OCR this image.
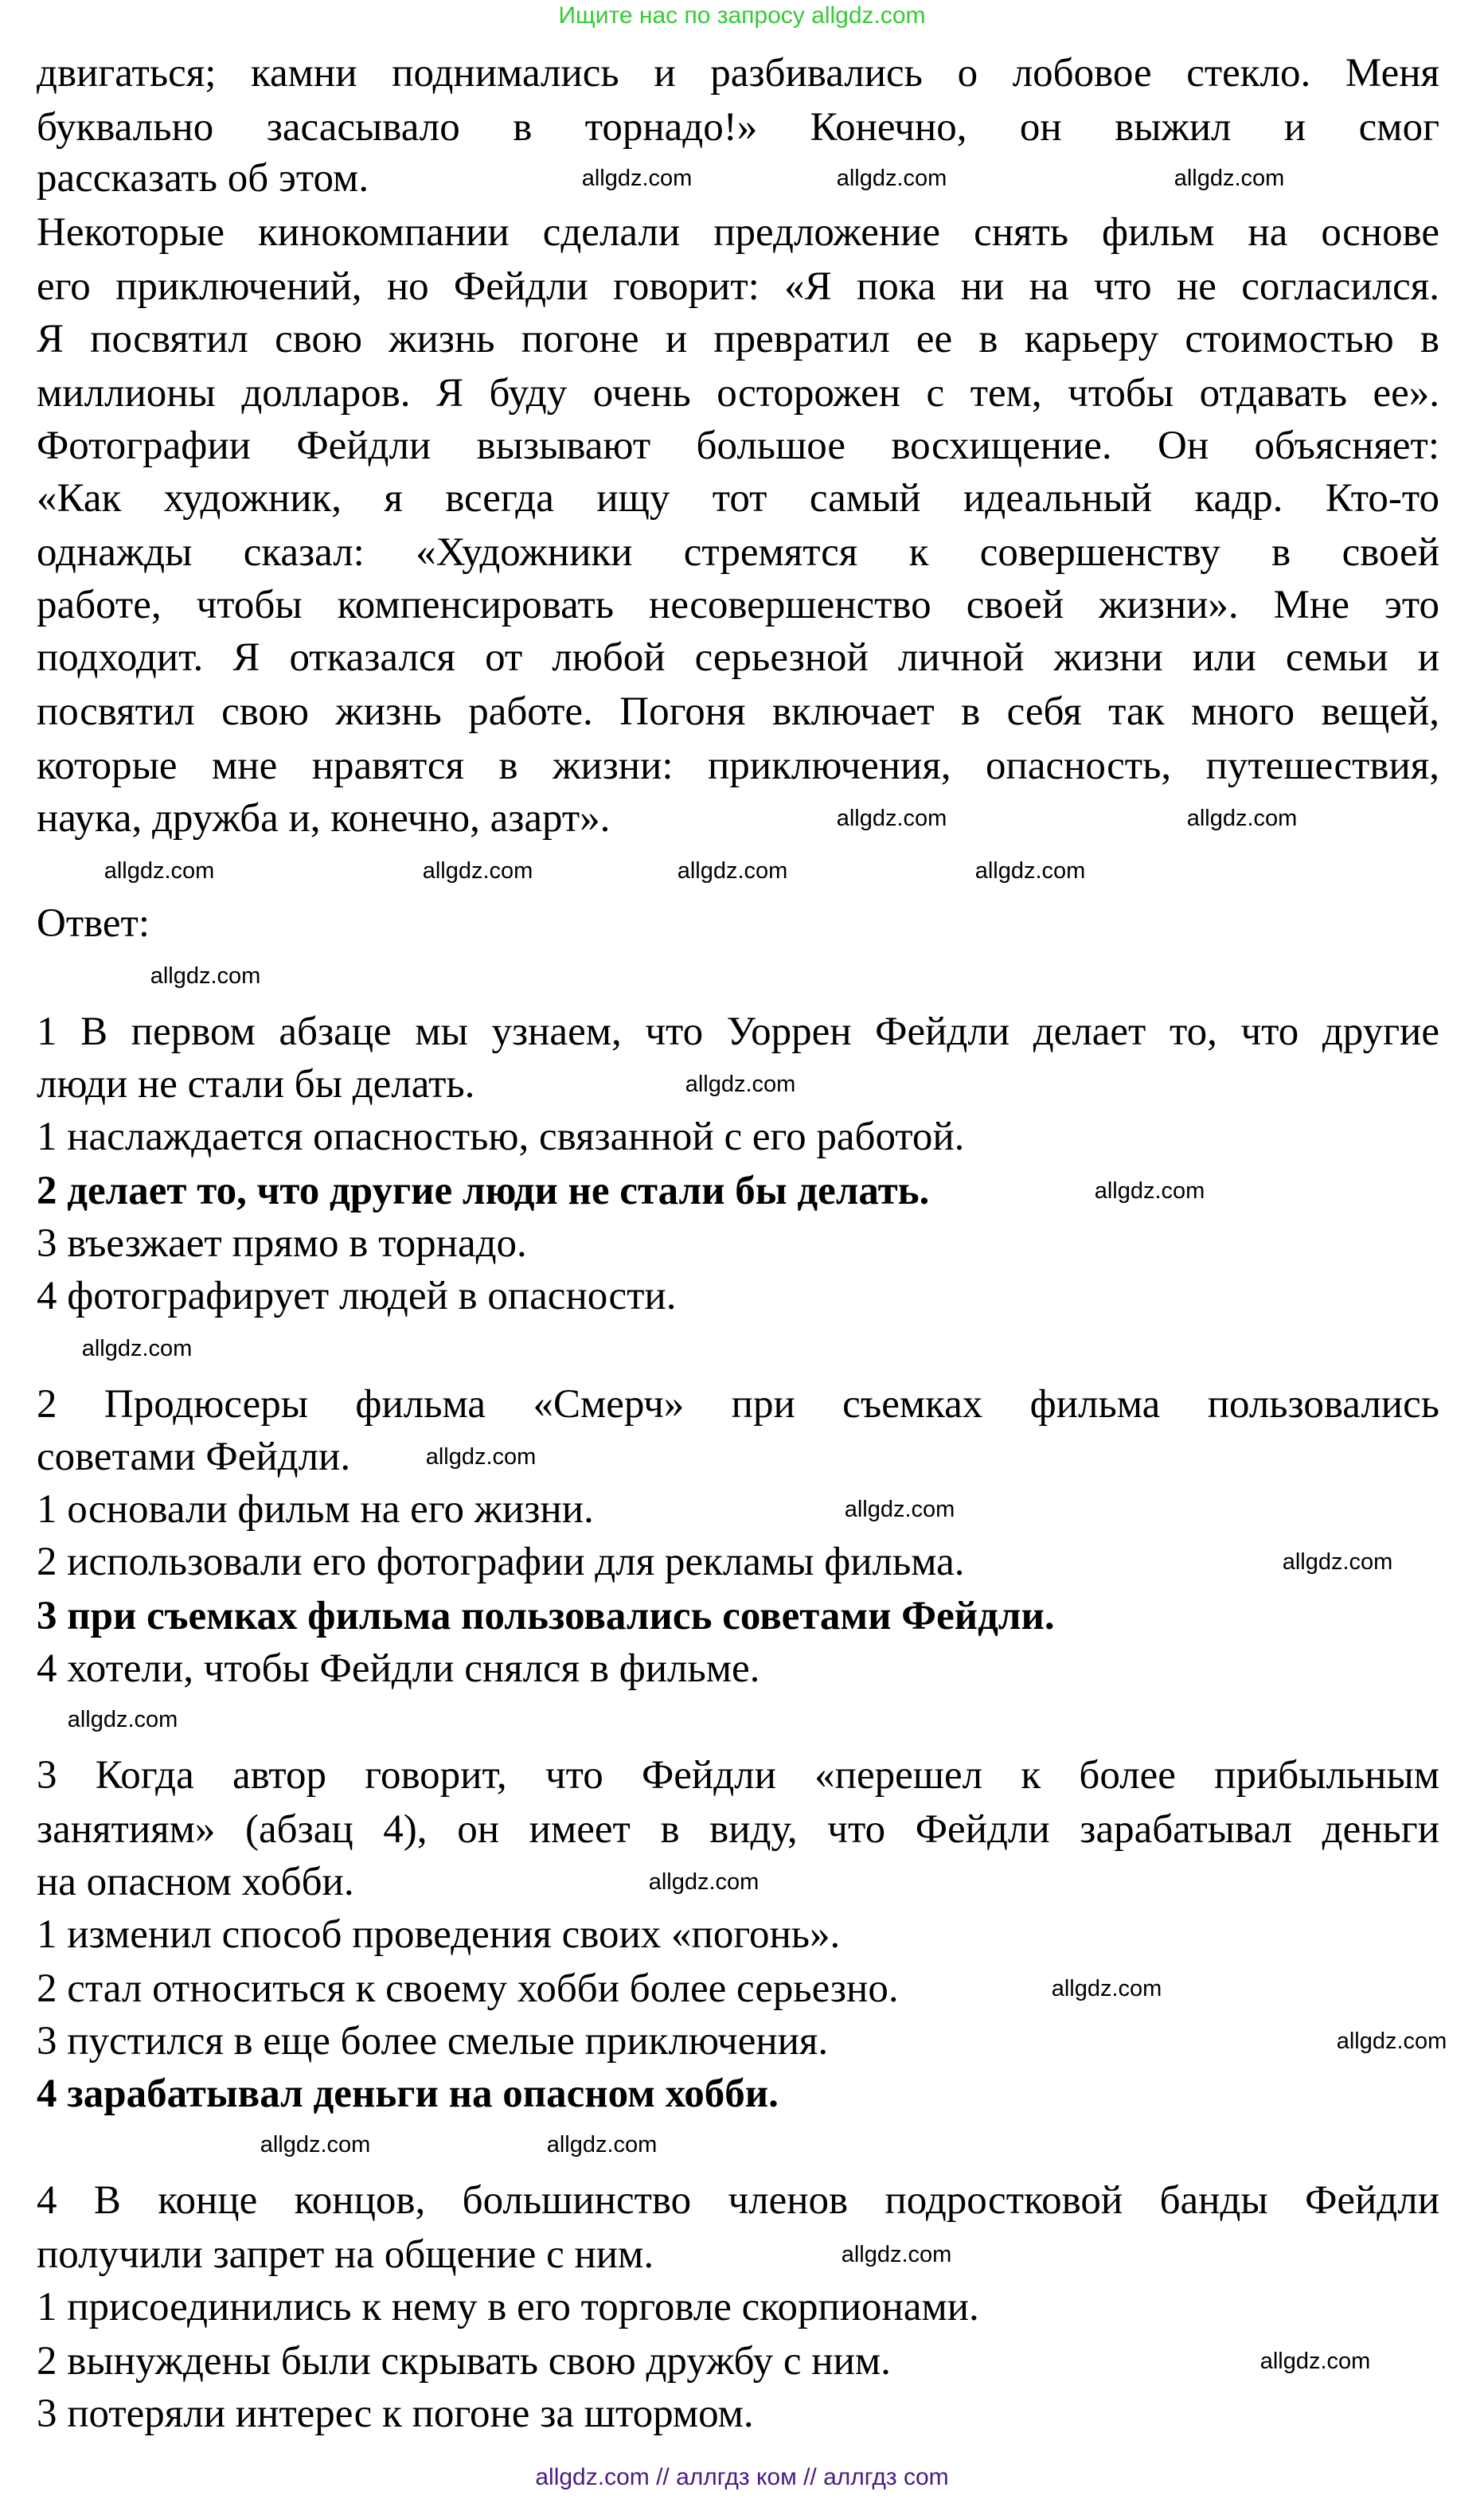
Ищите нас по запросу allgdz.com
двигаться; камни поднимались и разбивались о лобовое стекло. Меня
буквально засасывало в торнадо!» Конечно, он выжил и смог
рассказать об этом.
Некоторые кинокомпании сделали предложение снять фильм на основе
его приключений, но Фейдли говорит: «Я пока ни на что не согласился.
Я посвятил свою жизнь погоне и превратил ее в карьеру стоимостью в
миллионы долларов. Я буду очень осторожен с тем, чтобы отдавать ее».
Фотографии Фейдли вызывают большое восхищение. Он объясняет:
«Как художник, я всегда ищу тот самый идеальный кадр. Кто-то
однажды сказал: «Художники стремятся к совершенству в своей
работе, чтобы компенсировать несовершенство своей жизни». Мне это
подходит. Я отказался от любой серьезной личной жизни или семьи и
посвятил свою жизнь работе. Погоня включает в себя так много вещей,
которые мне нравятся в жизни: приключения, опасность, путешествия,
наука, дружба и, конечно, азарт».
Ответ:
1 В первом абзаце мы узнаем, что Уоррен Фейдли делает то, что другие
люди не стали бы делать.
1 наслаждается опасностью, связанной с его работой.
2 делает то, что другие люди не стали бы делать.
3 въезжает прямо в торнадо.
4 фотографирует людей в опасности.
2 Продюсеры фильма «Смерч» при съемках фильма пользовались
советами Фейдли.
1 основали фильм на его жизни.
2 использовали его фотографии для рекламы фильма.
3 при съемках фильма пользовались советами Фейдли.
4 хотели, чтобы Фейдли снялся в фильме.
3 Когда автор говорит, что Фейдли «перешел к более прибыльным
занятиям» (абзац 4), он имеет в виду, что Фейдли зарабатывал деньги
на опасном хобби.
1 изменил способ проведения своих «погонь».
2 стал относиться к своему хобби более серьезно.
3 пустился в еще более смелые приключения.
4 зарабатывал деньги на опасном хобби.
4 В конце концов, большинство членов подростковой банды Фейдли
получили запрет на общение с ним.
1 присоединились к нему в его торговле скорпионами.
2 вынуждены были скрывать свою дружбу с ним.
3 потеряли интерес к погоне за штормом.
allgdz.com
allgdz.com
allgdz.com
allgdz.com
allgdz.com	allgdz.com
allgdz.com	allgdz.com
allgdz.com
allgdz.com
allgdz.com
allgdz.com
allgdz.com
allgdz.com
allgdz.com
allgdz.com
allgdz.com
allgdz.com
allgdz.com
allgdz.com
allgdz.com
allgdz.com
allgdz.com
allgdz.com
allgdz.com // аллгдз ком // аллгдз com
